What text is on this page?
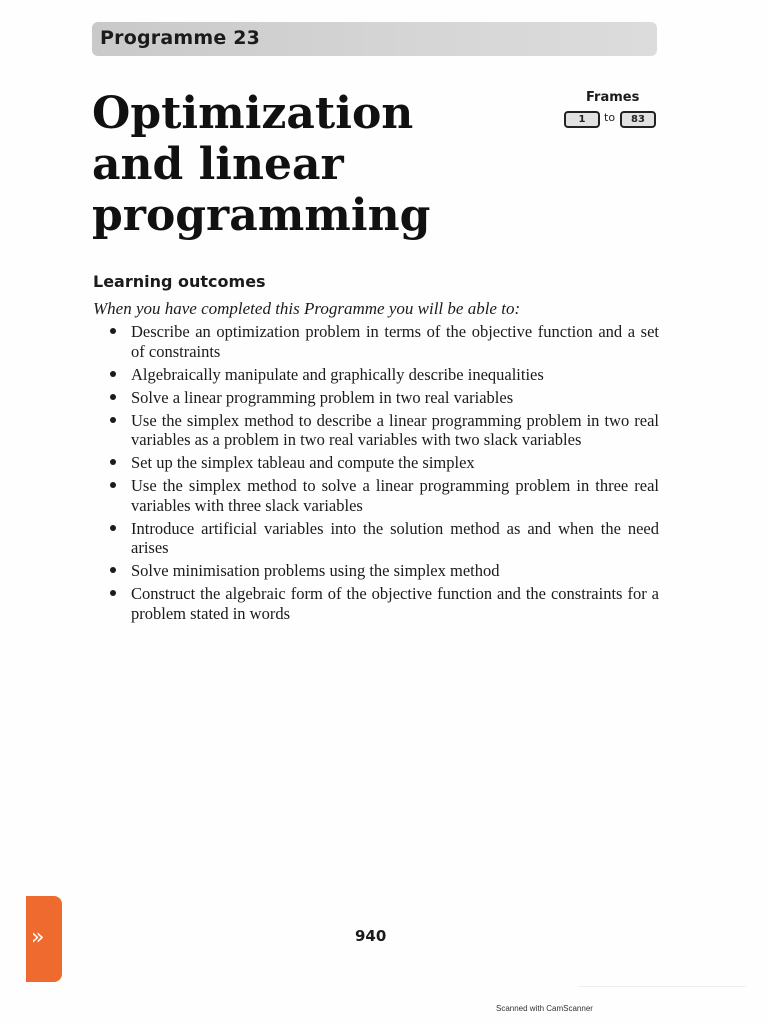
Programme 23
Optimization
and linear
programming
Frames
1	to	83
Learning outcomes

When you have completed this Programme you will be able to:

Describe an optimization problem in terms of the objective function and a set of constraints
Algebraically manipulate and graphically describe inequalities
Solve a linear programming problem in two real variables
Use the simplex method to describe a linear programming problem in two real variables as a problem in two real variables with two slack variables
Set up the simplex tableau and compute the simplex
Use the simplex method to solve a linear programming problem in three real variables with three slack variables
Introduce artificial variables into the solution method as and when the need arises
Solve minimisation problems using the simplex method
Construct the algebraic form of the objective function and the constraints for a problem stated in words
940
»
Scanned with CamScanner
